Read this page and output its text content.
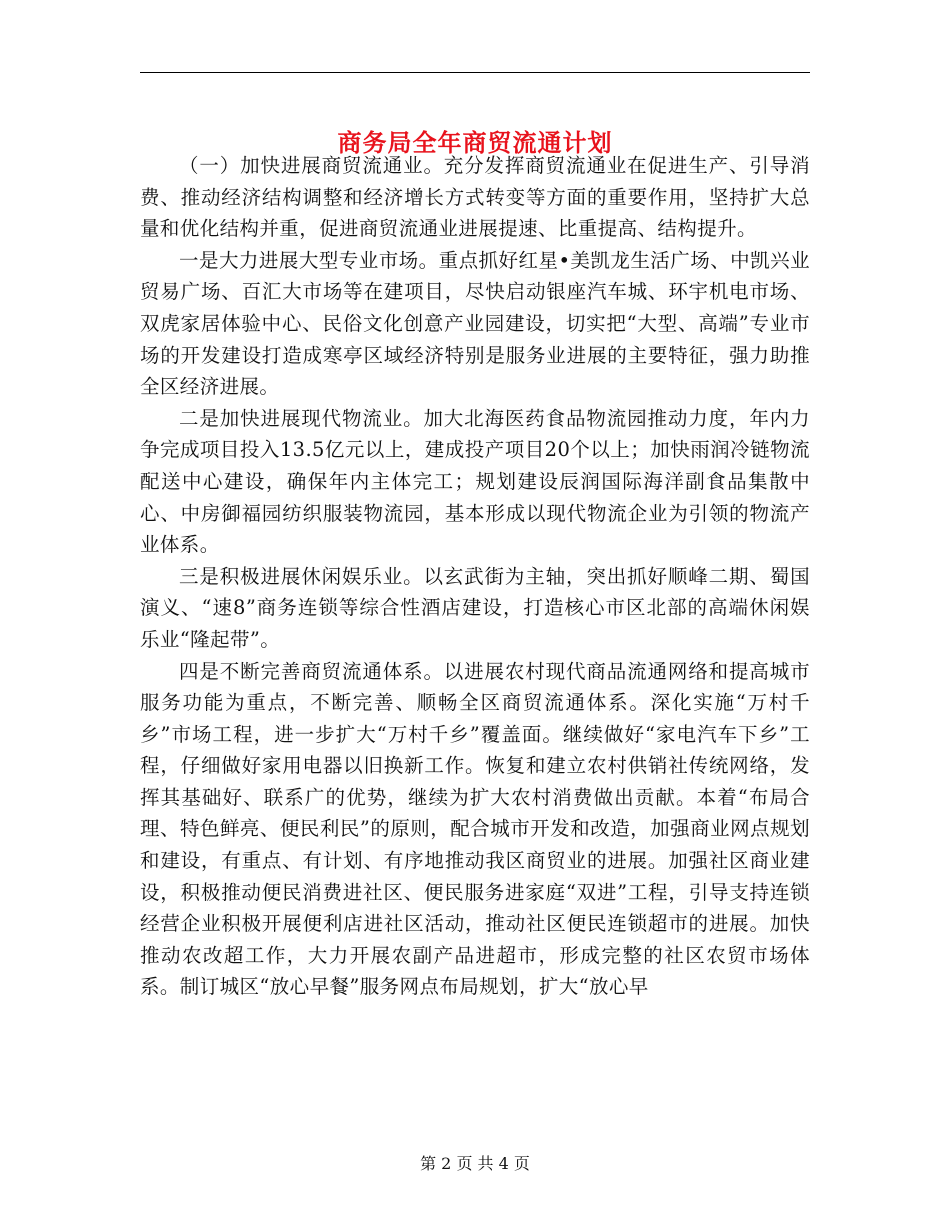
商务局全年商贸流通计划

（一）加快进展商贸流通业。充分发挥商贸流通业在促进生产、引导消费、推动经济结构调整和经济增长方式转变等方面的重要作用，坚持扩大总量和优化结构并重，促进商贸流通业进展提速、比重提高、结构提升。

一是大力进展大型专业市场。重点抓好红星•美凯龙生活广场、中凯兴业贸易广场、百汇大市场等在建项目，尽快启动银座汽车城、环宇机电市场、双虎家居体验中心、民俗文化创意产业园建设，切实把“大型、高端”专业市场的开发建设打造成寒亭区域经济特别是服务业进展的主要特征，强力助推全区经济进展。

二是加快进展现代物流业。加大北海医药食品物流园推动力度，年内力争完成项目投入13.5亿元以上，建成投产项目20个以上；加快雨润冷链物流配送中心建设，确保年内主体完工；规划建设辰润国际海洋副食品集散中心、中房御福园纺织服装物流园，基本形成以现代物流企业为引领的物流产业体系。

三是积极进展休闲娱乐业。以玄武街为主轴，突出抓好顺峰二期、蜀国演义、“速8”商务连锁等综合性酒店建设，打造核心市区北部的高端休闲娱乐业“隆起带”。

四是不断完善商贸流通体系。以进展农村现代商品流通网络和提高城市服务功能为重点，不断完善、顺畅全区商贸流通体系。深化实施“万村千乡”市场工程，进一步扩大“万村千乡”覆盖面。继续做好“家电汽车下乡”工程，仔细做好家用电器以旧换新工作。恢复和建立农村供销社传统网络，发挥其基础好、联系广的优势，继续为扩大农村消费做出贡献。本着“布局合理、特色鲜亮、便民利民”的原则，配合城市开发和改造，加强商业网点规划和建设，有重点、有计划、有序地推动我区商贸业的进展。加强社区商业建设，积极推动便民消费进社区、便民服务进家庭“双进”工程，引导支持连锁经营企业积极开展便利店进社区活动，推动社区便民连锁超市的进展。加快推动农改超工作，大力开展农副产品进超市，形成完整的社区农贸市场体系。制订城区“放心早餐”服务网点布局规划，扩大“放心早

第 2 页 共 4 页
